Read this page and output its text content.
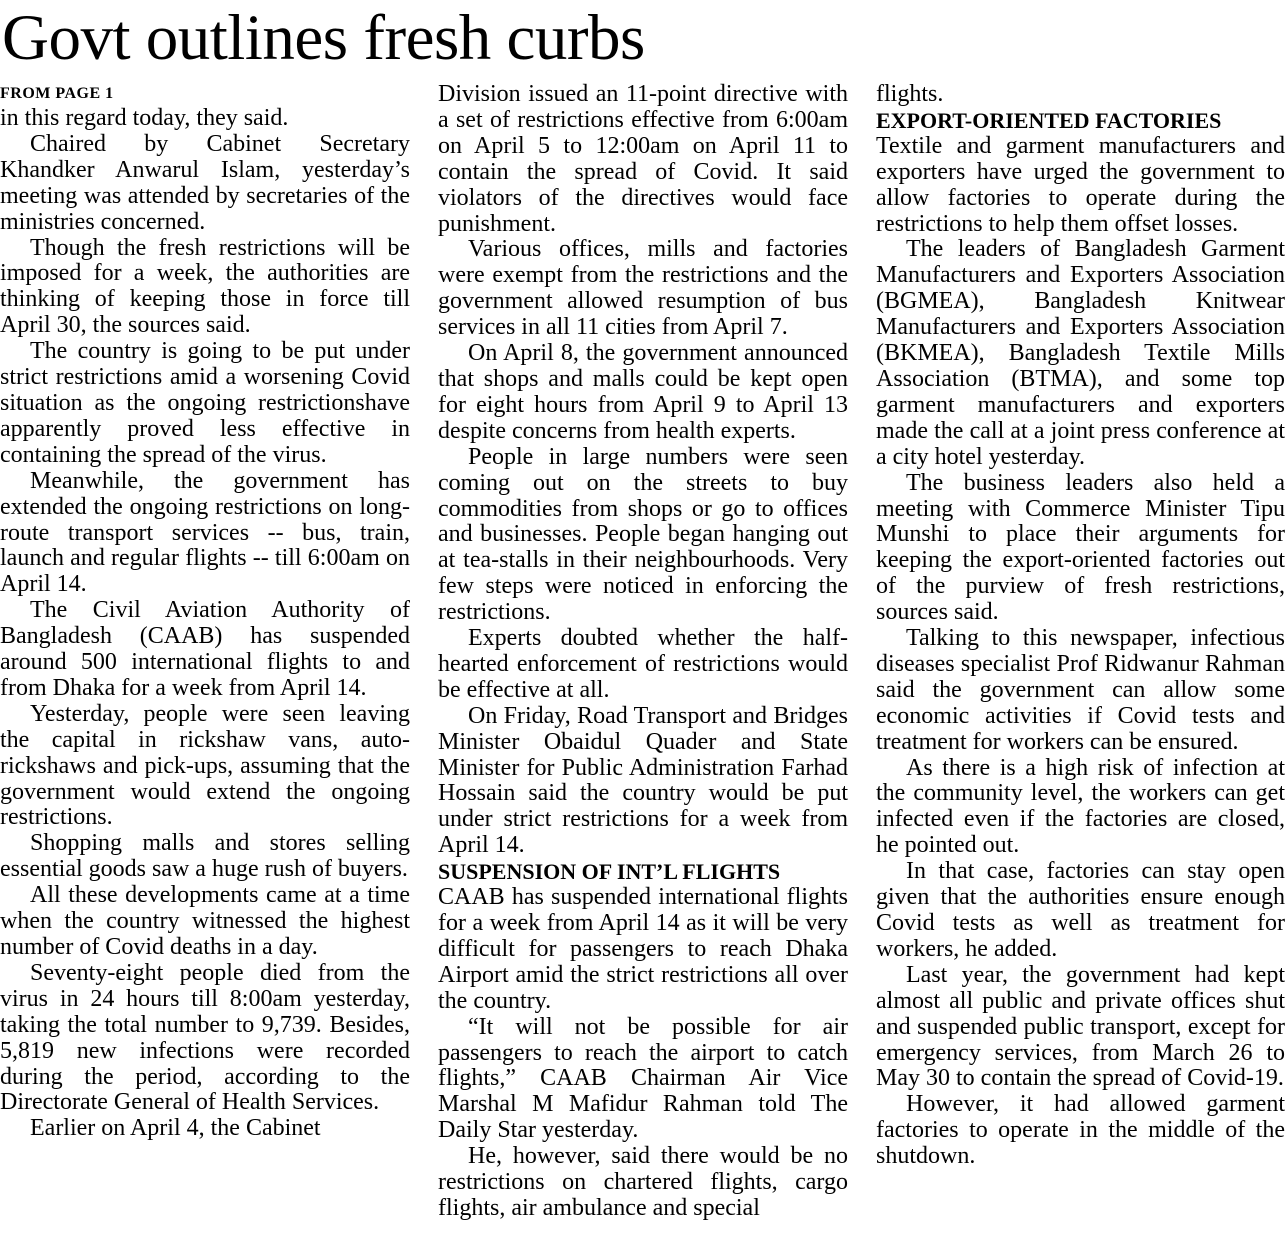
Govt outlines fresh curbs
FROM PAGE 1

in this regard today, they said.

Chaired by Cabinet Secretary Khandker Anwarul Islam, yesterday’s meeting was attended by secretaries of the ministries concerned.

Though the fresh restrictions will be imposed for a week, the authorities are thinking of keeping those in force till April 30, the sources said.

The country is going to be put under strict restrictions amid a worsening Covid situation as the ongoing restrictionshave apparently proved less effective in containing the spread of the virus.

Meanwhile, the government has extended the ongoing restrictions on long-route transport services -- bus, train, launch and regular flights -- till 6:00am on April 14.

The Civil Aviation Authority of Bangladesh (CAAB) has suspended around 500 international flights to and from Dhaka for a week from April 14.

Yesterday, people were seen leaving the capital in rickshaw vans, auto-rickshaws and pick-ups, assuming that the government would extend the ongoing restrictions.

Shopping malls and stores selling essential goods saw a huge rush of buyers.

All these developments came at a time when the country witnessed the highest number of Covid deaths in a day.

Seventy-eight people died from the virus in 24 hours till 8:00am yesterday, taking the total number to 9,739. Besides, 5,819 new infections were recorded during the period, according to the Directorate General of Health Services.

Earlier on April 4, the Cabinet

Division issued an 11-point directive with a set of restrictions effective from 6:00am on April 5 to 12:00am on April 11 to contain the spread of Covid. It said violators of the directives would face punishment.

Various offices, mills and factories were exempt from the restrictions and the government allowed resumption of bus services in all 11 cities from April 7.

On April 8, the government announced that shops and malls could be kept open for eight hours from April 9 to April 13 despite concerns from health experts.

People in large numbers were seen coming out on the streets to buy commodities from shops or go to offices and businesses. People began hanging out at tea-stalls in their neighbourhoods. Very few steps were noticed in enforcing the restrictions.

Experts doubted whether the half-hearted enforcement of restrictions would be effective at all.

On Friday, Road Transport and Bridges Minister Obaidul Quader and State Minister for Public Administration Farhad Hossain said the country would be put under strict restrictions for a week from April 14.

SUSPENSION OF INT’L FLIGHTS

CAAB has suspended international flights for a week from April 14 as it will be very difficult for passengers to reach Dhaka Airport amid the strict restrictions all over the country.

“It will not be possible for air passengers to reach the airport to catch flights,” CAAB Chairman Air Vice Marshal M Mafidur Rahman told The Daily Star yesterday.

He, however, said there would be no restrictions on chartered flights, cargo flights, air ambulance and special

flights.

EXPORT-ORIENTED FACTORIES

Textile and garment manufacturers and exporters have urged the government to allow factories to operate during the restrictions to help them offset losses.

The leaders of Bangladesh Garment Manufacturers and Exporters Association (BGMEA), Bangladesh Knitwear Manufacturers and Exporters Association (BKMEA), Bangladesh Textile Mills Association (BTMA), and some top garment manufacturers and exporters made the call at a joint press conference at a city hotel yesterday.

The business leaders also held a meeting with Commerce Minister Tipu Munshi to place their arguments for keeping the export-oriented factories out of the purview of fresh restrictions, sources said.

Talking to this newspaper, infectious diseases specialist Prof Ridwanur Rahman said the government can allow some economic activities if Covid tests and treatment for workers can be ensured.

As there is a high risk of infection at the community level, the workers can get infected even if the factories are closed, he pointed out.

In that case, factories can stay open given that the authorities ensure enough Covid tests as well as treatment for workers, he added.

Last year, the government had kept almost all public and private offices shut and suspended public transport, except for emergency services, from March 26 to May 30 to contain the spread of Covid-19.

However, it had allowed garment factories to operate in the middle of the shutdown.
